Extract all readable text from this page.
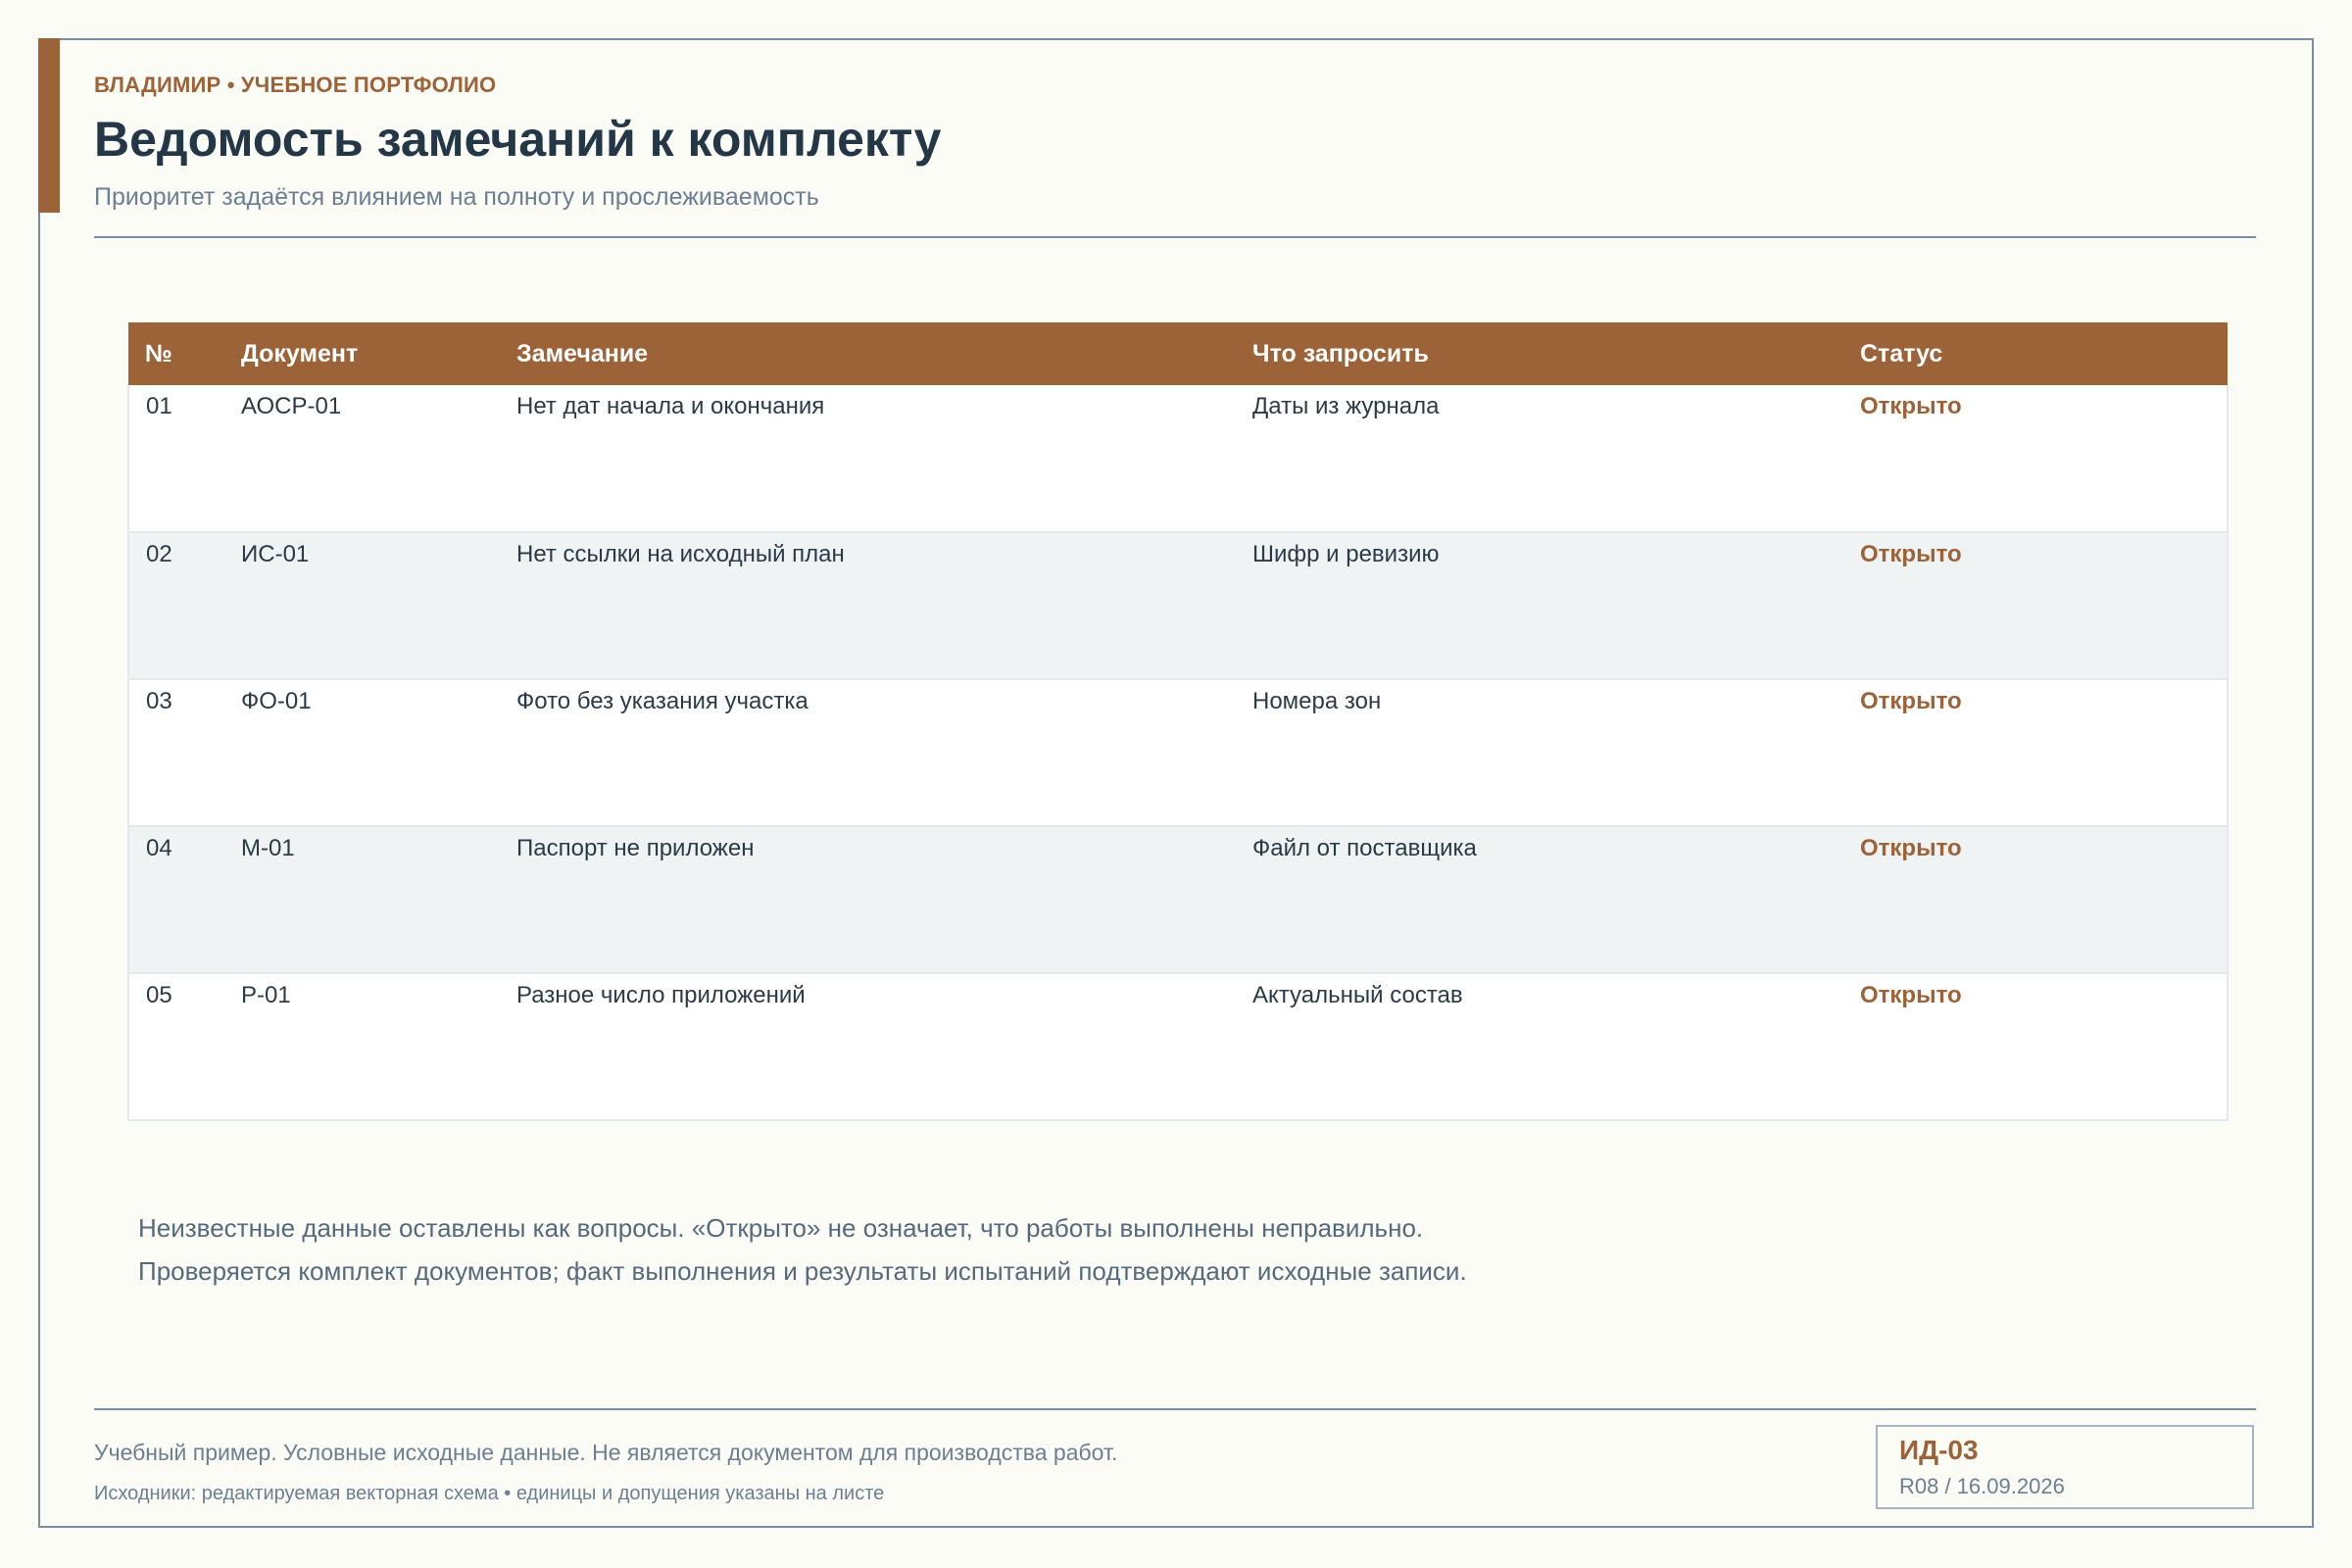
ВЛАДИМИР • УЧЕБНОЕ ПОРТФОЛИО
Ведомость замечаний к комплекту
Приоритет задаётся влиянием на полноту и прослеживаемость
№	Документ	Замечание	Что запросить	Статус
01	АОСР-01	Нет дат начала и окончания	Даты из журнала	Открыто
02	ИС-01	Нет ссылки на исходный план	Шифр и ревизию	Открыто
03	ФО-01	Фото без указания участка	Номера зон	Открыто
04	М-01	Паспорт не приложен	Файл от поставщика	Открыто
05	Р-01	Разное число приложений	Актуальный состав	Открыто
Неизвестные данные оставлены как вопросы. «Открыто» не означает, что работы выполнены неправильно.
Проверяется комплект документов; факт выполнения и результаты испытаний подтверждают исходные записи.
Учебный пример. Условные исходные данные. Не является документом для производства работ.
Исходники: редактируемая векторная схема • единицы и допущения указаны на листе
ИД-03
R08 / 16.09.2026
